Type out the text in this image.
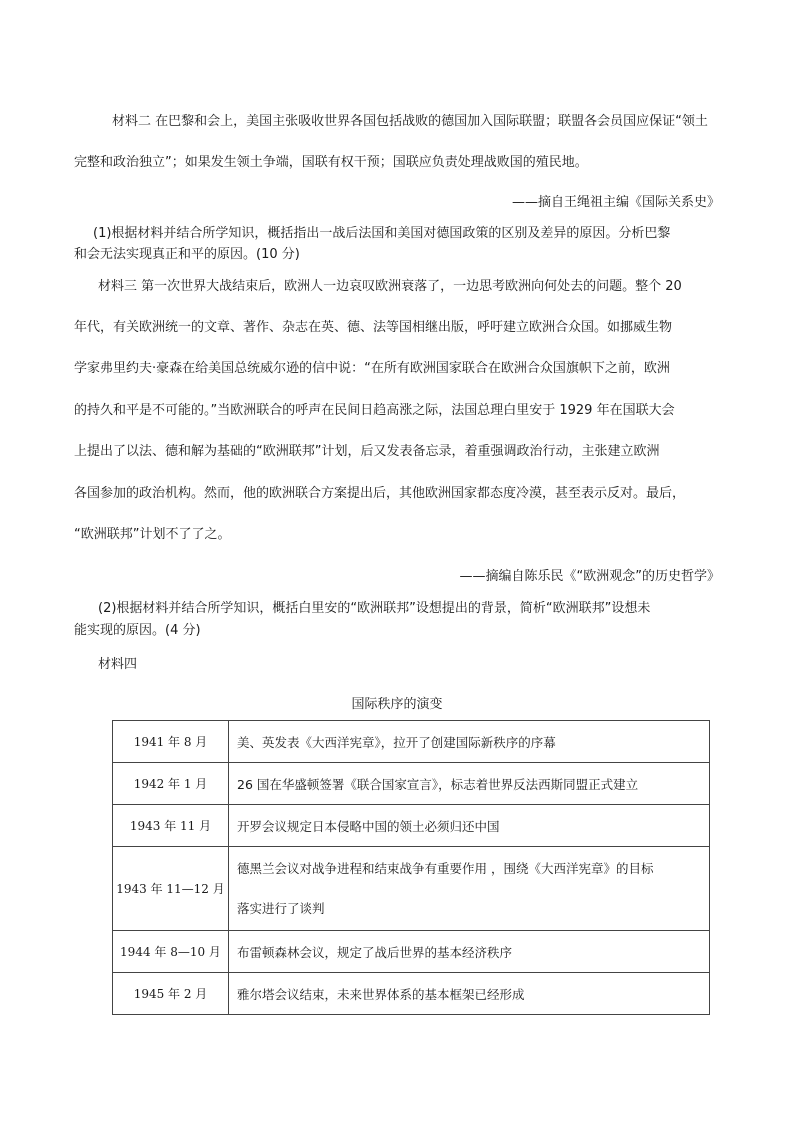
材料二 在巴黎和会上，美国主张吸收世界各国包括战败的德国加入国际联盟；联盟各会员国应保证“领土
完整和政治独立”；如果发生领土争端，国联有权干预；国联应负责处理战败国的殖民地。
——摘自王绳祖主编《国际关系史》
(1)根据材料并结合所学知识，概括指出一战后法国和美国对德国政策的区别及差异的原因。分析巴黎
和会无法实现真正和平的原因。(10 分)
材料三 第一次世界大战结束后，欧洲人一边哀叹欧洲衰落了，一边思考欧洲向何处去的问题。整个 20
年代，有关欧洲统一的文章、著作、杂志在英、德、法等国相继出版，呼吁建立欧洲合众国。如挪威生物
学家弗里约夫·豪森在给美国总统威尔逊的信中说：“在所有欧洲国家联合在欧洲合众国旗帜下之前，欧洲
的持久和平是不可能的。”当欧洲联合的呼声在民间日趋高涨之际，法国总理白里安于 1929 年在国联大会
上提出了以法、德和解为基础的“欧洲联邦”计划，后又发表备忘录，着重强调政治行动，主张建立欧洲
各国参加的政治机构。然而，他的欧洲联合方案提出后，其他欧洲国家都态度冷漠，甚至表示反对。最后，
“欧洲联邦”计划不了了之。
——摘编自陈乐民《“欧洲观念”的历史哲学》
(2)根据材料并结合所学知识，概括白里安的“欧洲联邦”设想提出的背景，简析“欧洲联邦”设想未
能实现的原因。(4 分)
材料四
国际秩序的演变
1941 年 8 月	美、英发表《大西洋宪章》，拉开了创建国际新秩序的序幕
1942 年 1 月	26 国在华盛顿签署《联合国家宣言》，标志着世界反法西斯同盟正式建立
1943 年 11 月	开罗会议规定日本侵略中国的领土必须归还中国
1943 年 11—12 月	德黑兰会议对战争进程和结束战争有重要作用 ，围绕《大西洋宪章》的目标
落实进行了谈判

1944 年 8—10 月	布雷顿森林会议，规定了战后世界的基本经济秩序
1945 年 2 月	雅尔塔会议结束，未来世界体系的基本框架已经形成
